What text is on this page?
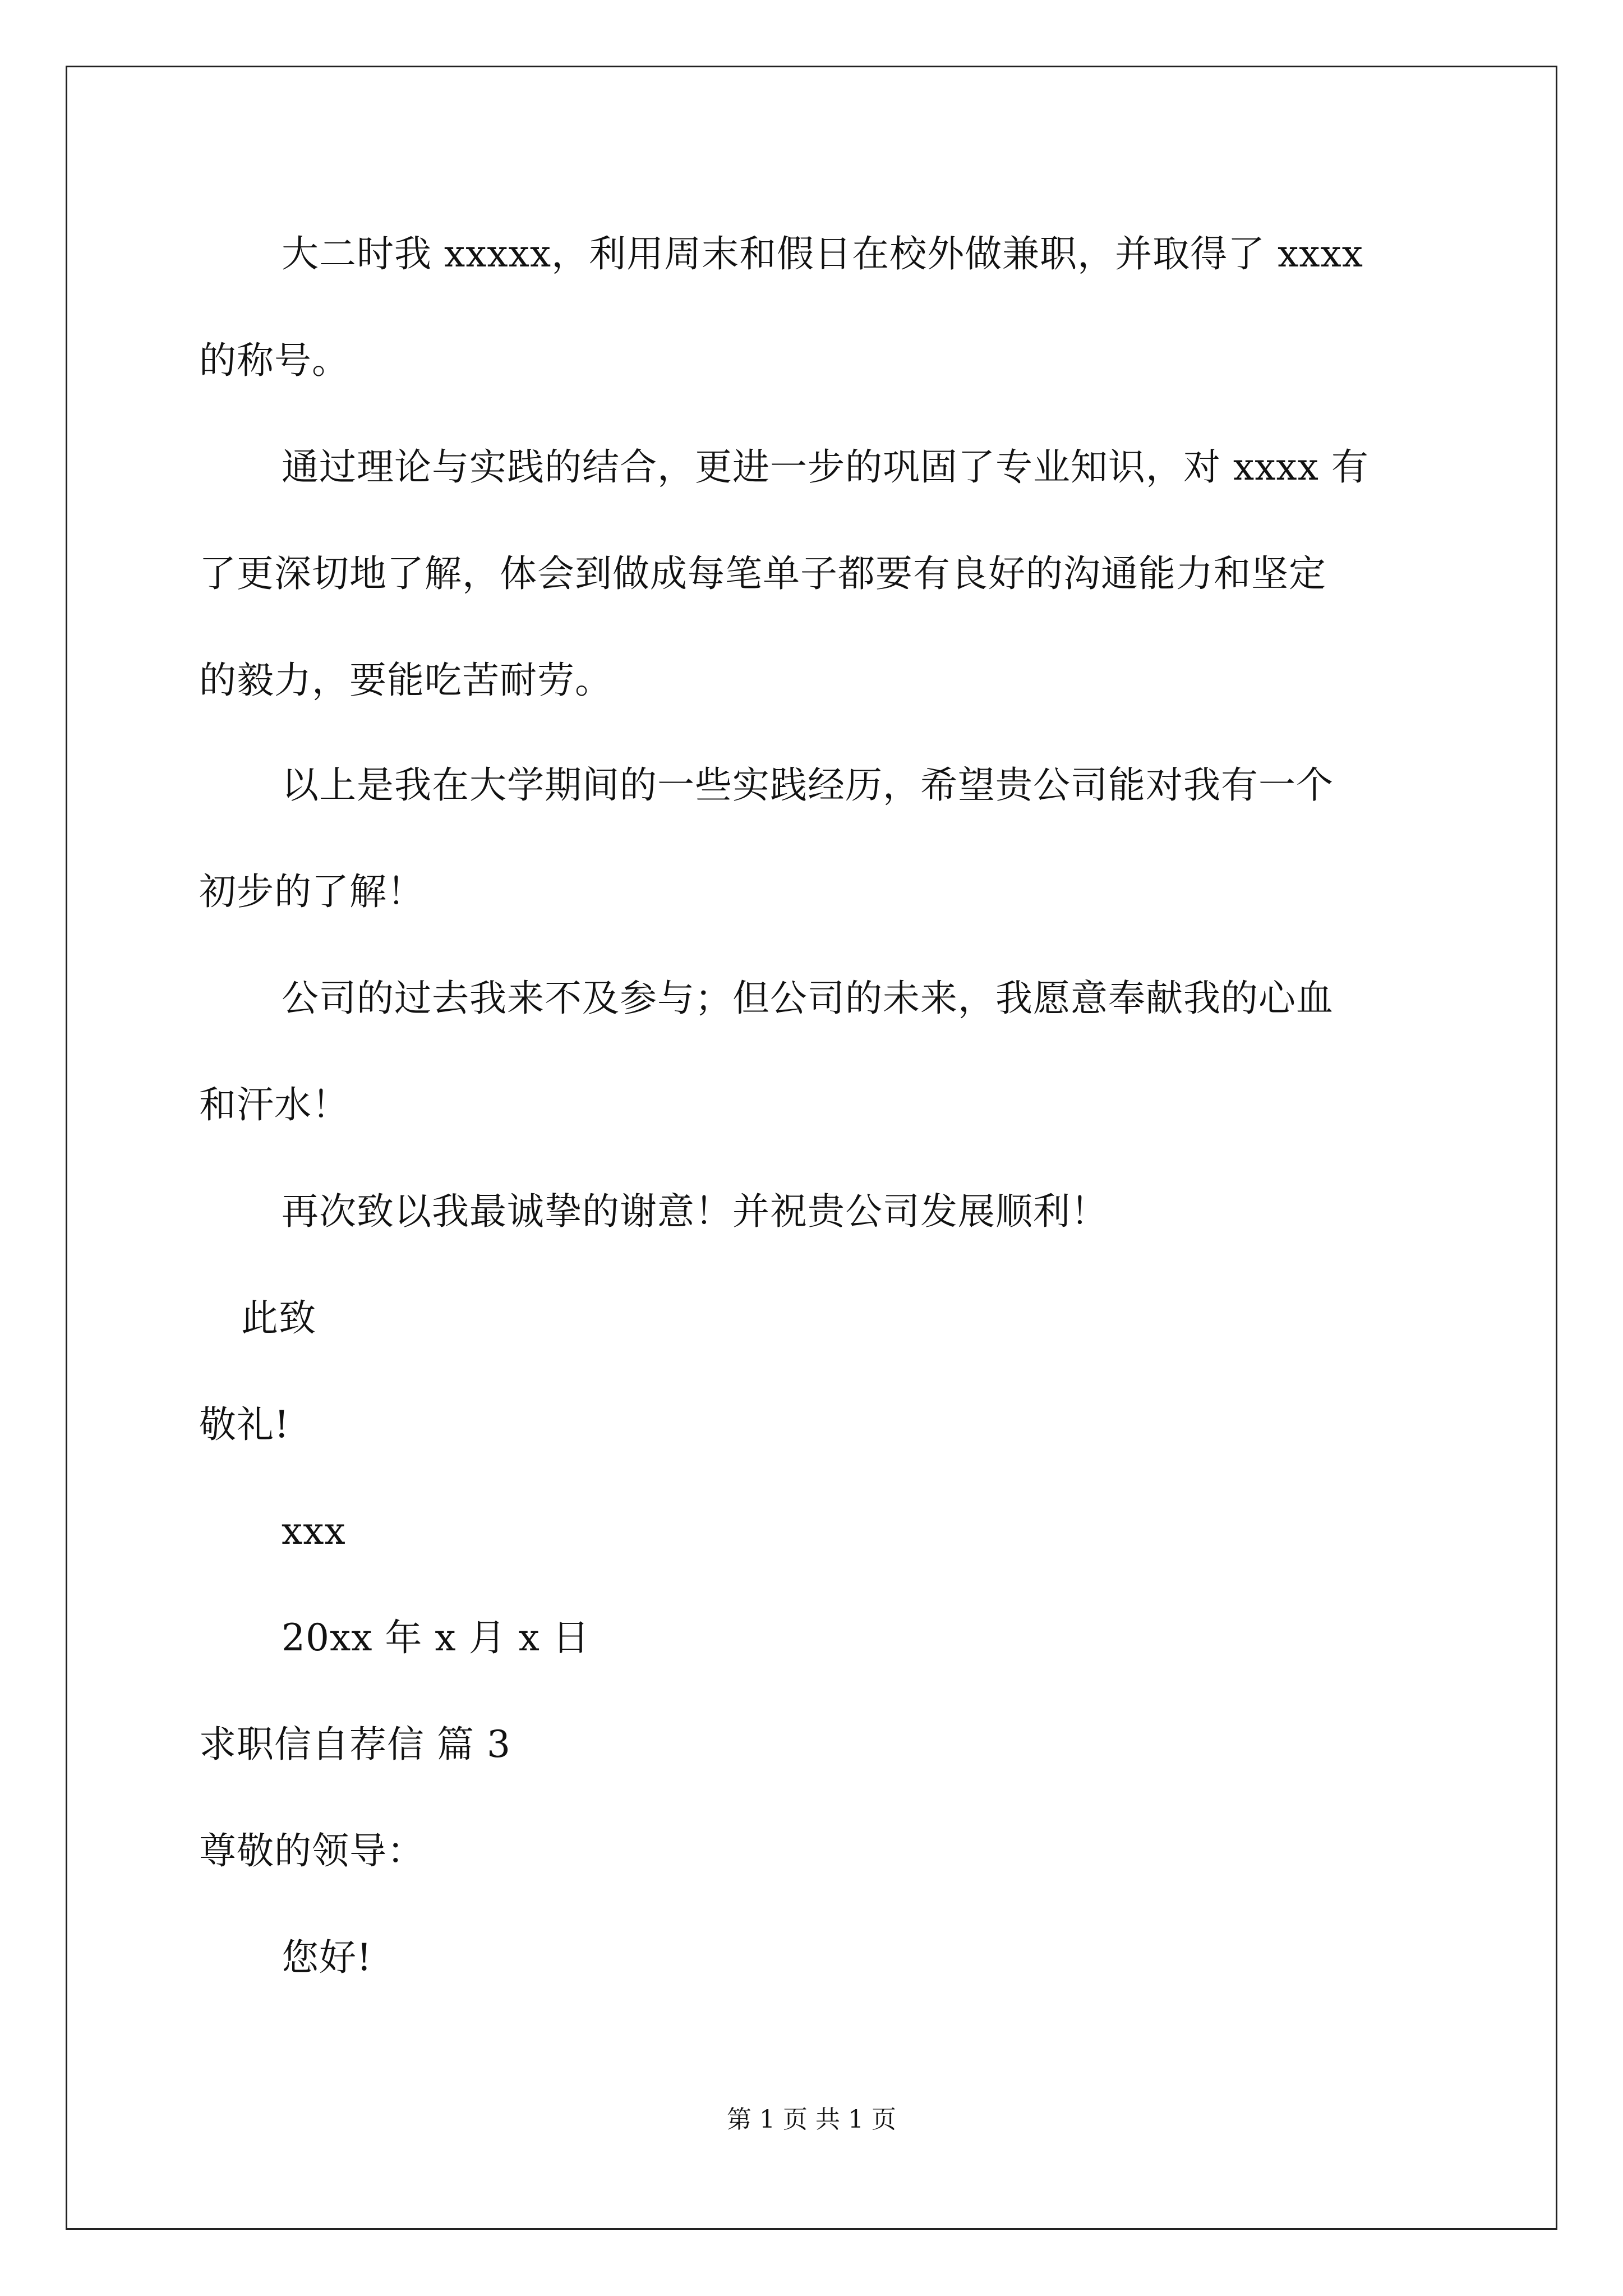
大二时我 xxxxx，利用周末和假日在校外做兼职，并取得了 xxxx
的称号。
通过理论与实践的结合，更进一步的巩固了专业知识，对 xxxx 有
了更深切地了解，体会到做成每笔单子都要有良好的沟通能力和坚定
的毅力，要能吃苦耐劳。
以上是我在大学期间的一些实践经历，希望贵公司能对我有一个
初步的了解！
公司的过去我来不及参与；但公司的未来，我愿意奉献我的心血
和汗水！
再次致以我最诚挚的谢意！并祝贵公司发展顺利！
此致
敬礼!
xxx
20xx 年 x 月 x 日
求职信自荐信 篇 3
尊敬的领导：
您好!
第 1 页 共 1 页
